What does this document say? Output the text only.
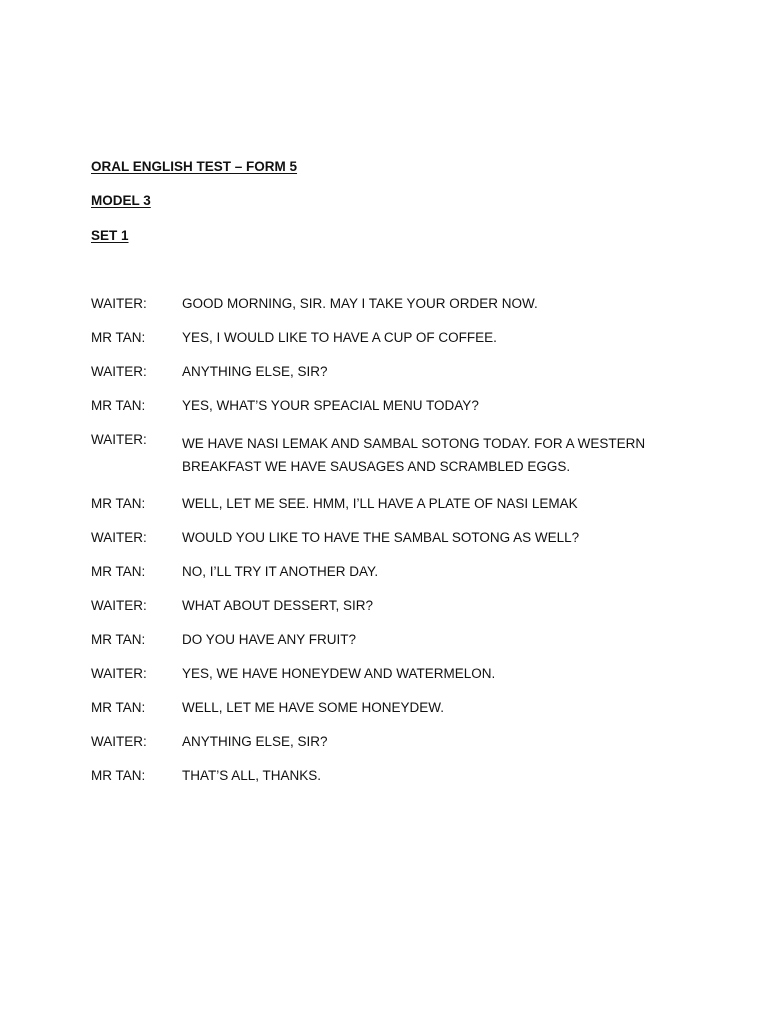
ORAL ENGLISH TEST – FORM 5
MODEL 3
SET 1
WAITER:	GOOD MORNING, SIR. MAY I TAKE YOUR ORDER NOW.
MR TAN:	YES, I WOULD LIKE TO HAVE A CUP OF COFFEE.
WAITER:	ANYTHING ELSE, SIR?
MR TAN:	YES, WHAT’S YOUR SPEACIAL MENU TODAY?
WAITER:	WE HAVE NASI LEMAK AND SAMBAL SOTONG TODAY. FOR A WESTERN
BREAKFAST WE HAVE SAUSAGES AND SCRAMBLED EGGS.
MR TAN:	WELL, LET ME SEE. HMM, I’LL HAVE A PLATE OF NASI LEMAK
WAITER:	WOULD YOU LIKE TO HAVE THE SAMBAL SOTONG AS WELL?
MR TAN:	NO, I’LL TRY IT ANOTHER DAY.
WAITER:	WHAT ABOUT DESSERT, SIR?
MR TAN:	DO YOU HAVE ANY FRUIT?
WAITER:	YES, WE HAVE HONEYDEW AND WATERMELON.
MR TAN:	WELL, LET ME HAVE SOME HONEYDEW.
WAITER:	ANYTHING ELSE, SIR?
MR TAN:	THAT’S ALL, THANKS.
